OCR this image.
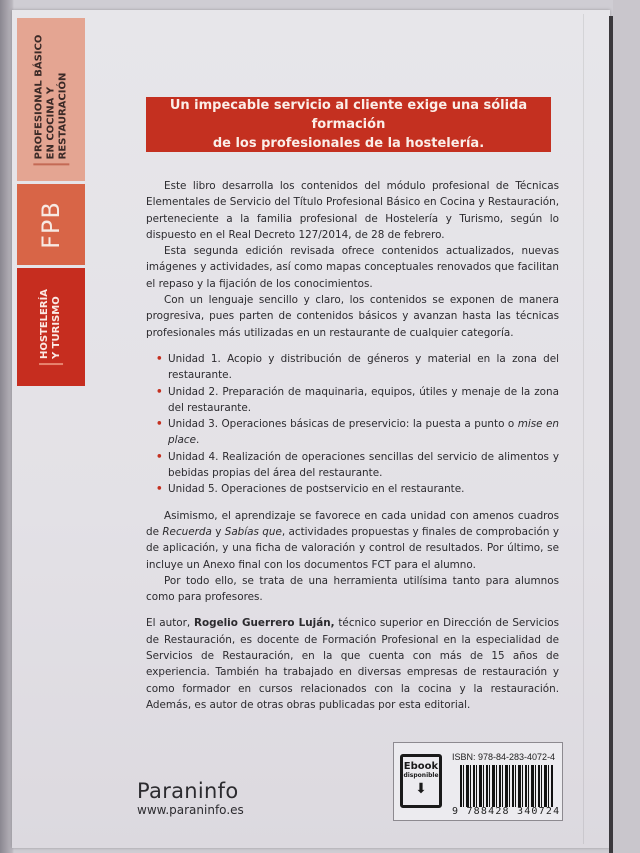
PROFESIONAL BÁSICO EN COCINA Y RESTAURACIÓN
FPB
HOSTELERÍA Y TURISMO
Un impecable servicio al cliente exige una sólida formación
de los profesionales de la hostelería.

Este libro desarrolla los contenidos del módulo profesional de Técnicas Elementales de Servicio del Título Profesional Básico en Cocina y Restauración, perteneciente a la familia profesional de Hostelería y Turismo, según lo dispuesto en el Real Decreto 127/2014, de 28 de febrero.

Esta segunda edición revisada ofrece contenidos actualizados, nuevas imágenes y actividades, así como mapas conceptuales renovados que facilitan el repaso y la fijación de los conocimientos.

Con un lenguaje sencillo y claro, los contenidos se exponen de manera progresiva, pues parten de contenidos básicos y avanzan hasta las técnicas profesionales más utilizadas en un restaurante de cualquier categoría.

• Unidad 1. Acopio y distribución de géneros y material en la zona del restaurante.
• Unidad 2. Preparación de maquinaria, equipos, útiles y menaje de la zona del restaurante.
• Unidad 3. Operaciones básicas de preservicio: la puesta a punto o mise en place.
• Unidad 4. Realización de operaciones sencillas del servicio de alimentos y bebidas propias del área del restaurante.
• Unidad 5. Operaciones de postservicio en el restaurante.

Asimismo, el aprendizaje se favorece en cada unidad con amenos cuadros de Recuerda y Sabías que, actividades propuestas y finales de comprobación y de aplicación, y una ficha de valoración y control de resultados. Por último, se incluye un Anexo final con los documentos FCT para el alumno.

Por todo ello, se trata de una herramienta utilísima tanto para alumnos como para profesores.

El autor, Rogelio Guerrero Luján, técnico superior en Dirección de Servicios de Restauración, es docente de Formación Profesional en la especialidad de Servicios de Restauración, en la que cuenta con más de 15 años de experiencia. También ha trabajado en diversas empresas de restauración y como formador en cursos relacionados con la cocina y la restauración. Además, es autor de otras obras publicadas por esta editorial.

Paraninfo
www.paraninfo.es
Ebook
disponible
⬇
ISBN: 978-84-283-4072-4
9 788428 340724
